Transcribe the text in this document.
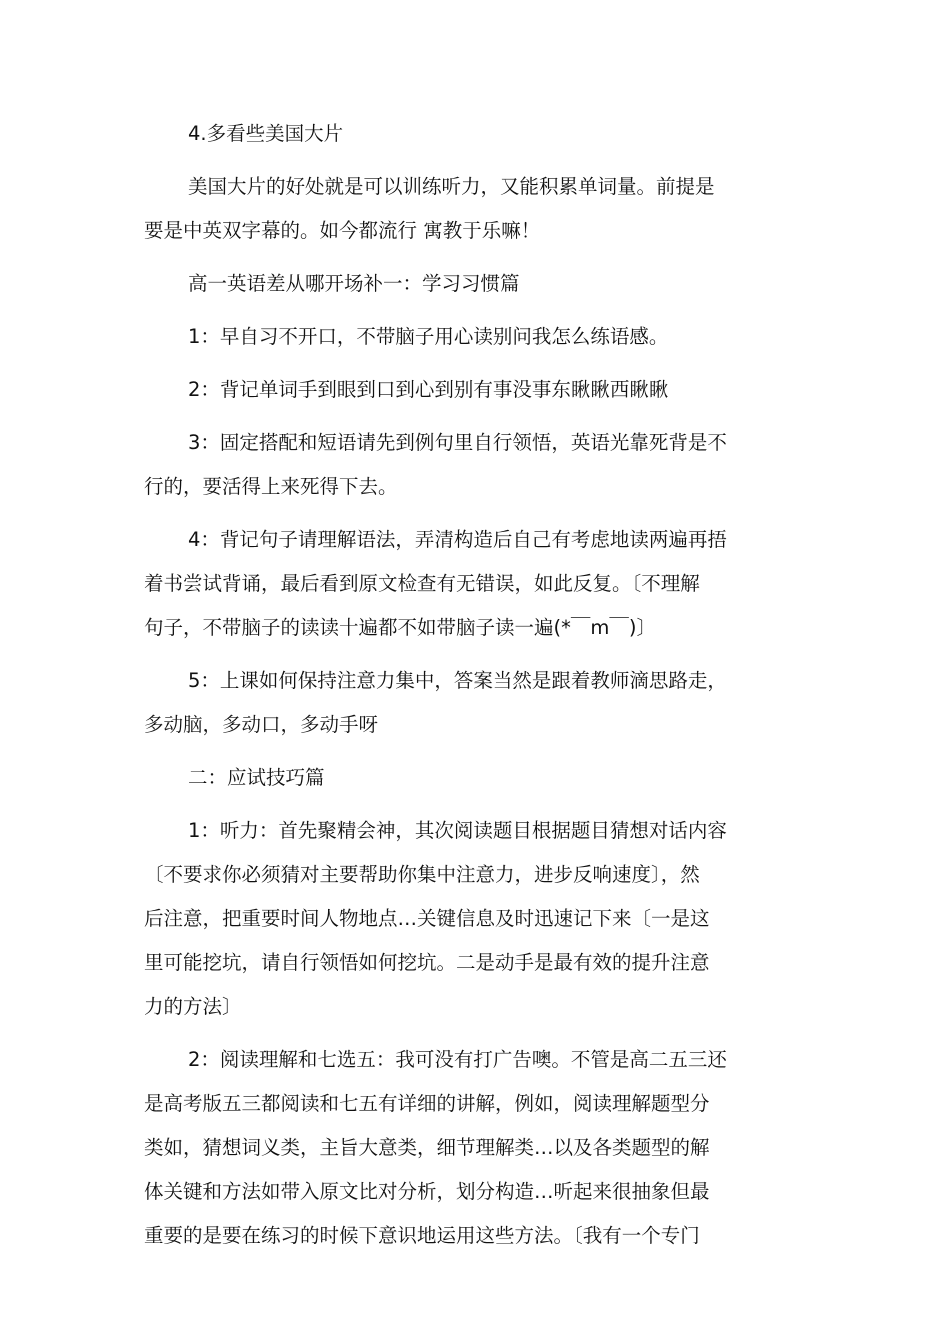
4.多看些美国大片
美国大片的好处就是可以训练听力，又能积累单词量。前提是
要是中英双字幕的。如今都流行 寓教于乐嘛！
高一英语差从哪开场补一：学习习惯篇
1：早自习不开口，不带脑子用心读别问我怎么练语感。
2：背记单词手到眼到口到心到别有事没事东瞅瞅西瞅瞅
3：固定搭配和短语请先到例句里自行领悟，英语光靠死背是不
行的，要活得上来死得下去。
4：背记句子请理解语法，弄清构造后自己有考虑地读两遍再捂
着书尝试背诵，最后看到原文检查有无错误，如此反复。〔不理解
句子，不带脑子的读读十遍都不如带脑子读一遍(*￣m￣)〕
5：上课如何保持注意力集中，答案当然是跟着教师滴思路走，
多动脑，多动口，多动手呀
二：应试技巧篇
1：听力：首先聚精会神，其次阅读题目根据题目猜想对话内容
〔不要求你必须猜对主要帮助你集中注意力，进步反响速度〕，然
后注意，把重要时间人物地点…关键信息及时迅速记下来〔一是这
里可能挖坑，请自行领悟如何挖坑。二是动手是最有效的提升注意
力的方法〕
2：阅读理解和七选五：我可没有打广告噢。不管是高二五三还
是高考版五三都阅读和七五有详细的讲解，例如，阅读理解题型分
类如，猜想词义类，主旨大意类，细节理解类…以及各类题型的解
体关键和方法如带入原文比对分析，划分构造…听起来很抽象但最
重要的是要在练习的时候下意识地运用这些方法。〔我有一个专门
